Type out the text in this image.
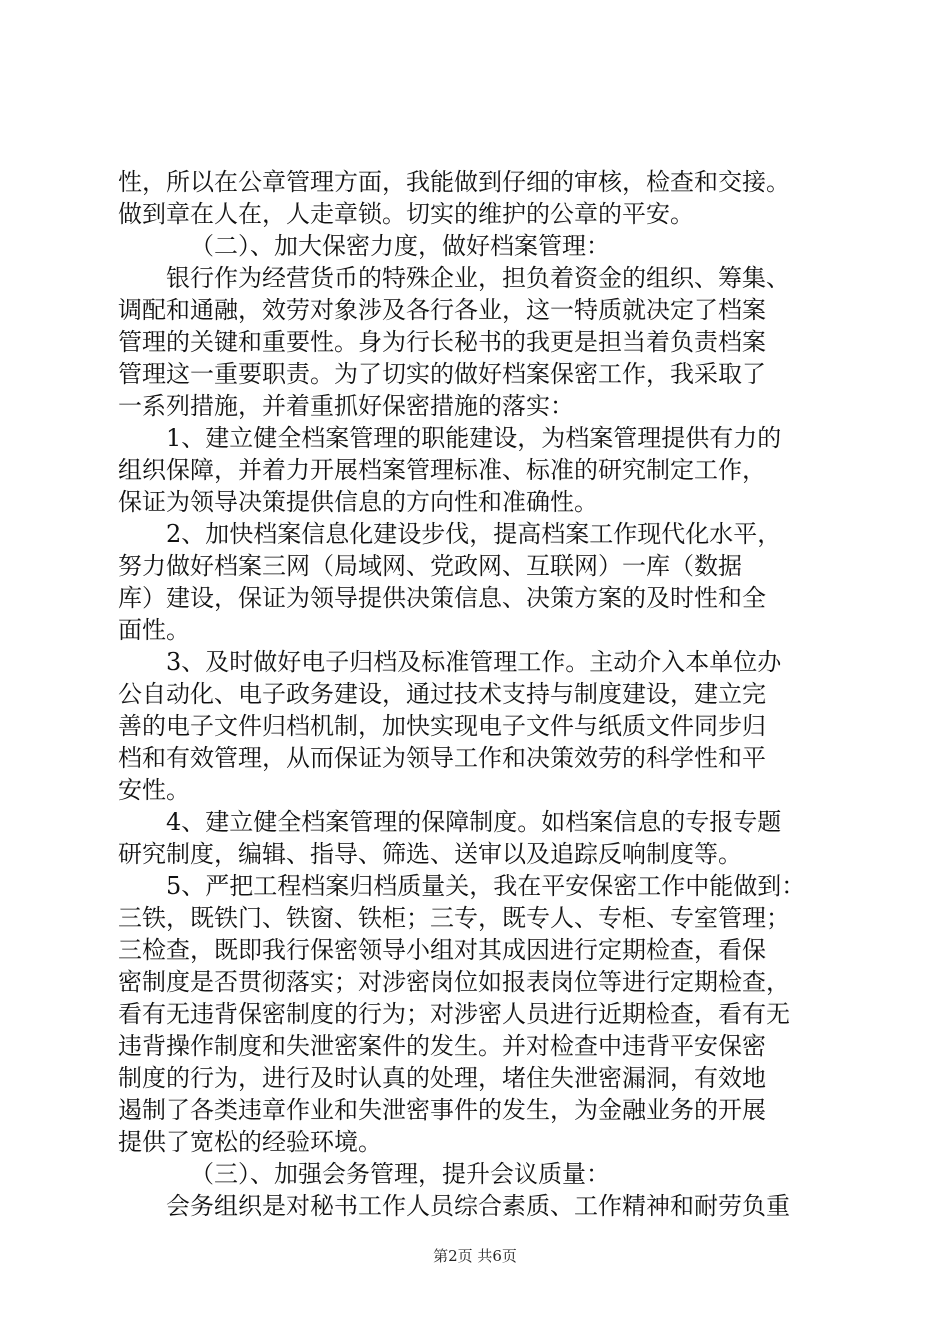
性，所以在公章管理方面，我能做到仔细的审核，检查和交接。
做到章在人在，人走章锁。切实的维护的公章的平安。
（二）、加大保密力度，做好档案管理：
银行作为经营货币的特殊企业，担负着资金的组织、筹集、
调配和通融，效劳对象涉及各行各业，这一特质就决定了档案
管理的关键和重要性。身为行长秘书的我更是担当着负责档案
管理这一重要职责。为了切实的做好档案保密工作，我采取了
一系列措施，并着重抓好保密措施的落实：
1、建立健全档案管理的职能建设，为档案管理提供有力的
组织保障，并着力开展档案管理标准、标准的研究制定工作，
保证为领导决策提供信息的方向性和准确性。
2、加快档案信息化建设步伐，提高档案工作现代化水平，
努力做好档案三网（局域网、党政网、互联网）一库（数据
库）建设，保证为领导提供决策信息、决策方案的及时性和全
面性。
3、及时做好电子归档及标准管理工作。主动介入本单位办
公自动化、电子政务建设，通过技术支持与制度建设，建立完
善的电子文件归档机制，加快实现电子文件与纸质文件同步归
档和有效管理，从而保证为领导工作和决策效劳的科学性和平
安性。
4、建立健全档案管理的保障制度。如档案信息的专报专题
研究制度，编辑、指导、筛选、送审以及追踪反响制度等。
5、严把工程档案归档质量关，我在平安保密工作中能做到：
三铁，既铁门、铁窗、铁柜；三专，既专人、专柜、专室管理；
三检查，既即我行保密领导小组对其成因进行定期检查，看保
密制度是否贯彻落实；对涉密岗位如报表岗位等进行定期检查，
看有无违背保密制度的行为；对涉密人员进行近期检查，看有无
违背操作制度和失泄密案件的发生。并对检查中违背平安保密
制度的行为，进行及时认真的处理，堵住失泄密漏洞，有效地
遏制了各类违章作业和失泄密事件的发生，为金融业务的开展
提供了宽松的经验环境。
（三）、加强会务管理，提升会议质量：
会务组织是对秘书工作人员综合素质、工作精神和耐劳负重
第2页 共6页
